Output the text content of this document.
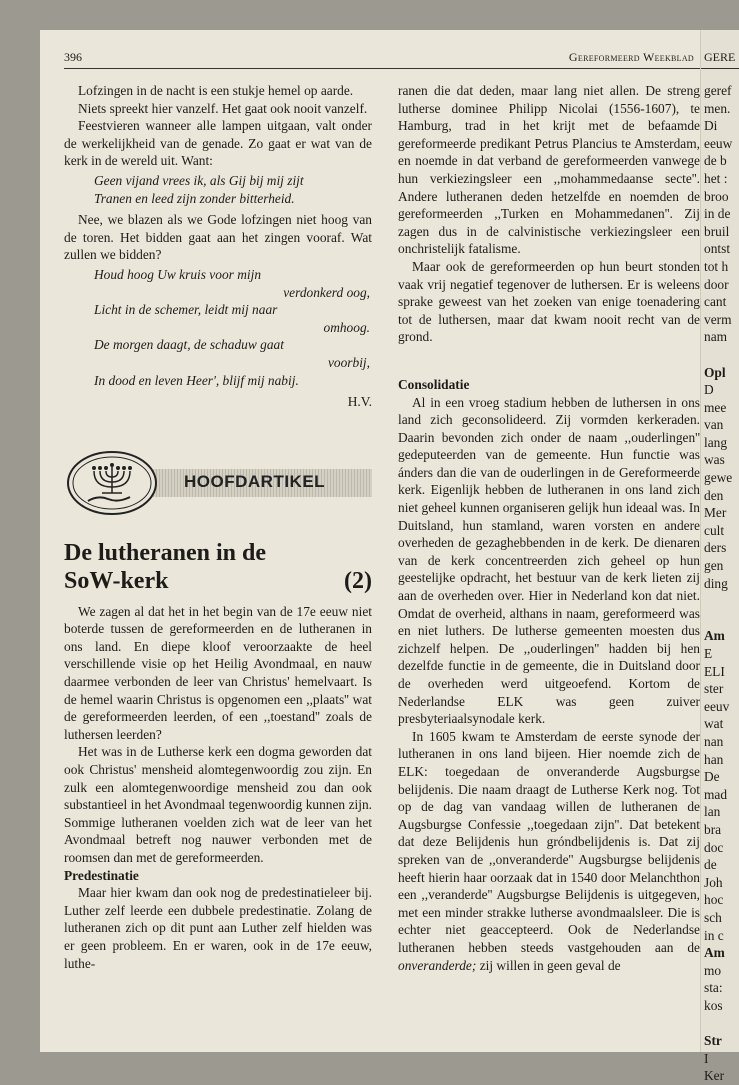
396	Gereformeerd Weekblad

Lofzingen in de nacht is een stukje hemel op aarde.

Niets spreekt hier vanzelf. Het gaat ook nooit vanzelf.

Feestvieren wanneer alle lampen uitgaan, valt onder de werkelijkheid van de genade. Zo gaat er wat van de kerk in de wereld uit. Want:

Geen vijand vrees ik, als Gij bij mij zijt
Tranen en leed zijn zonder bitterheid.

Nee, we blazen als we Gode lofzingen niet hoog van de toren. Het bidden gaat aan het zingen vooraf. Wat zullen we bidden?

Houd hoog Uw kruis voor mijn
verdonkerd oog,
Licht in de schemer, leidt mij naar
omhoog.
De morgen daagt, de schaduw gaat
voorbij,
In dood en leven Heer', blijf mij nabij.

H.V.

HOOFDARTIKEL
De lutheranen in de
SoW-kerk	(2)

We zagen al dat het in het begin van de 17e eeuw niet boterde tussen de gereformeerden en de lutheranen in ons land. En diepe kloof veroorzaakte de heel verschillende visie op het Heilig Avondmaal, en nauw daarmee verbonden de leer van Christus' hemelvaart. Is de hemel waarin Christus is opgenomen een ,,plaats'' wat de gereformeerden leerden, of een ,,toestand'' zoals de luthersen leerden?

Het was in de Lutherse kerk een dogma geworden dat ook Christus' mensheid alomtegenwoordig zou zijn. En zulk een alomtegenwoordige mensheid zou dan ook substantieel in het Avondmaal tegenwoordig kunnen zijn. Sommige lutheranen voelden zich wat de leer van het Avondmaal betreft nog nauwer verbonden met de roomsen dan met de gereformeerden.

Predestinatie

Maar hier kwam dan ook nog de predestinatieleer bij. Luther zelf leerde een dubbele predestinatie. Zolang de lutheranen zich op dit punt aan Luther zelf hielden was er geen probleem. En er waren, ook in de 17e eeuw, luthe-

ranen die dat deden, maar lang niet allen. De streng lutherse dominee Philipp Nicolai (1556-1607), te Hamburg, trad in het krijt met de befaamde gereformeerde predikant Petrus Plancius te Amsterdam, en noemde in dat verband de gereformeerden vanwege hun verkiezingsleer een ,,mohammedaanse secte''. Andere lutheranen deden hetzelfde en noemden de gereformeerden ,,Turken en Mohammedanen''. Zij zagen dus in de calvinistische verkiezingsleer een onchristelijk fatalisme.

Maar ook de gereformeerden op hun beurt stonden vaak vrij negatief tegenover de luthersen. Er is weleens sprake geweest van het zoeken van enige toenadering tot de luthersen, maar dat kwam nooit recht van de grond.

Consolidatie

Al in een vroeg stadium hebben de luthersen in ons land zich geconsolideerd. Zij vormden kerkeraden. Daarin bevonden zich onder de naam ,,ouderlingen'' gedeputeerden van de gemeente. Hun functie was ánders dan die van de ouderlingen in de Gereformeerde kerk. Eigenlijk hebben de lutheranen in ons land zich niet geheel kunnen organiseren gelijk hun ideaal was. In Duitsland, hun stamland, waren vorsten en andere overheden de gezaghebbenden in de kerk. De dienaren van de kerk concentreerden zich geheel op hun geestelijke opdracht, het bestuur van de kerk lieten zij aan de overheden over. Hier in Nederland kon dat niet. Omdat de overheid, althans in naam, gereformeerd was en niet luthers. De lutherse gemeenten moesten dus zichzelf helpen. De ,,ouderlingen'' hadden bij hen dezelfde functie in de gemeente, die in Duitsland door de overheden werd uitgeoefend. Kortom de Nederlandse ELK was geen zuiver presbyteriaalsynodale kerk.

In 1605 kwam te Amsterdam de eerste synode der lutheranen in ons land bijeen. Hier noemde zich de ELK: toegedaan de onveranderde Augsburgse belijdenis. Die naam draagt de Lutherse Kerk nog. Tot op de dag van vandaag willen de lutheranen de Augsburgse Confessie ,,toegedaan zijn''. Dat betekent dat deze Belijdenis hun gróndbelijdenis is. Dat zij spreken van de ,,onveranderde'' Augsburgse belijdenis heeft hierin haar oorzaak dat in 1540 door Melanchthon een ,,veranderde'' Augsburgse Belijdenis is uitgegeven, met een minder strakke lutherse avondmaalsleer. Die is echter niet geaccepteerd. Ook de Nederlandse lutheranen hebben steeds vastgehouden aan de onveranderde; zij willen in geen geval de

GERE
geref
men.
Di
eeuw
de b
het :
broo
in de
bruil
ontst
tot h
door
cant
verm
nam
Opl
D
mee
van
lang
was
gewe
den
Mer
cult
ders
gen
ding
Am
E
ELI
ster
eeuv
wat
nan
han
De
mad
lan
bra
doc
de
Joh
hoc
sch
in c
Am
mo
sta:
kos
Str
I
Ker
